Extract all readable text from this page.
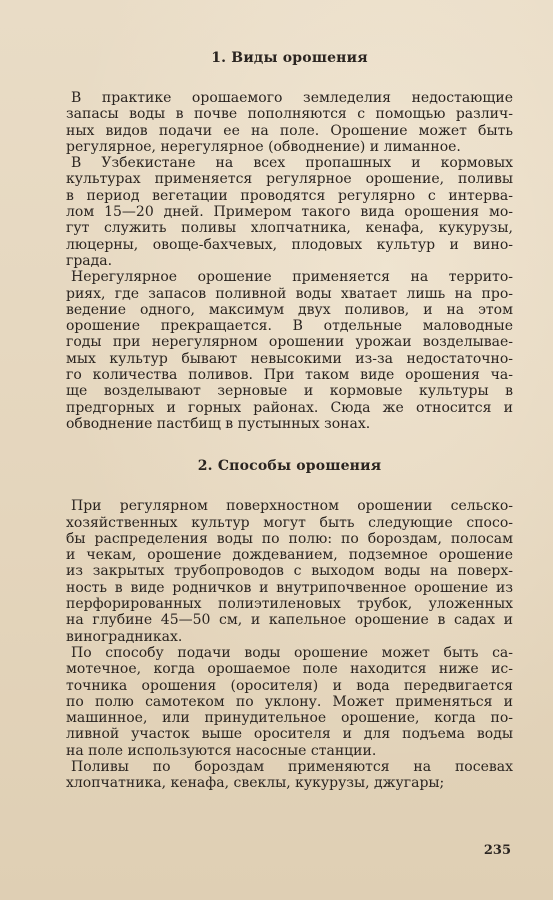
1. Виды орошения

В практике орошаемого земледелия недостающие
запасы воды в почве пополняются с помощью различ-
ных видов подачи ее на поле. Орошение может быть
регулярное, нерегулярное (обводнение) и лиманное.

В Узбекистане на всех пропашных и кормовых
культурах применяется регулярное орошение, поливы
в период вегетации проводятся регулярно с интерва-
лом 15—20 дней. Примером такого вида орошения мо-
гут служить поливы хлопчатника, кенафа, кукурузы,
люцерны, овоще-бахчевых, плодовых культур и вино-
града.

Нерегулярное орошение применяется на террито-
риях, где запасов поливной воды хватает лишь на про-
ведение одного, максимум двух поливов, и на этом
орошение прекращается. В отдельные маловодные
годы при нерегулярном орошении урожаи возделывае-
мых культур бывают невысокими из-за недостаточно-
го количества поливов. При таком виде орошения ча-
ще возделывают зерновые и кормовые культуры в
предгорных и горных районах. Сюда же относится и
обводнение пастбищ в пустынных зонах.

2. Способы орошения

При регулярном поверхностном орошении сельско-
хозяйственных культур могут быть следующие спосо-
бы распределения воды по полю: по бороздам, полосам
и чекам, орошение дождеванием, подземное орошение
из закрытых трубопроводов с выходом воды на поверх-
ность в виде родничков и внутрипочвенное орошение из
перфорированных полиэтиленовых трубок, уложенных
на глубине 45—50 см, и капельное орошение в садах и
виноградниках.

По способу подачи воды орошение может быть са-
мотечное, когда орошаемое поле находится ниже ис-
точника орошения (оросителя) и вода передвигается
по полю самотеком по уклону. Может применяться и
машинное, или принудительное орошение, когда по-
ливной участок выше оросителя и для подъема воды
на поле используются насосные станции.

Поливы по бороздам применяются на посевах
хлопчатника, кенафа, свеклы, кукурузы, джугары;

235
